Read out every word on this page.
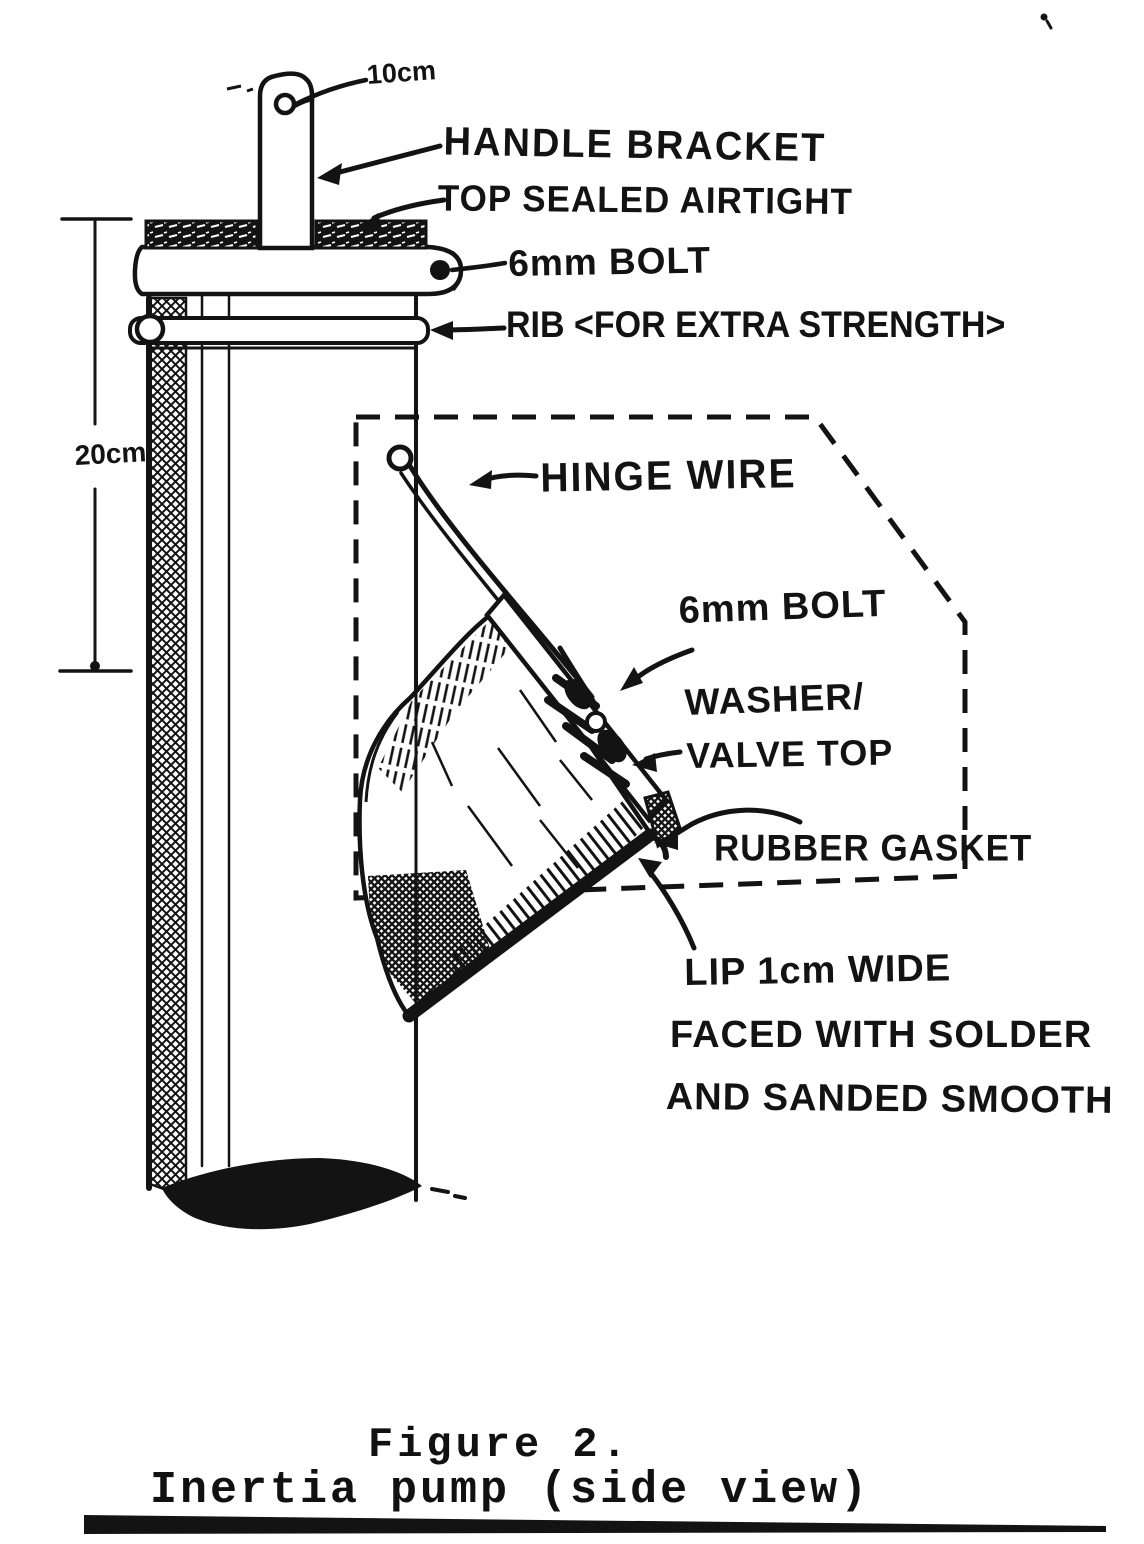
10cm
HANDLE BRACKET
TOP SEALED AIRTIGHT
6mm BOLT
RIB <FOR EXTRA STRENGTH>
20cm	HINGE WIRE
6mm BOLT
WASHER/
VALVE TOP
RUBBER GASKET
LIP 1cm WIDE
FACED WITH SOLDER
AND SANDED SMOOTH
Figure 2.
Inertia pump (side view)
